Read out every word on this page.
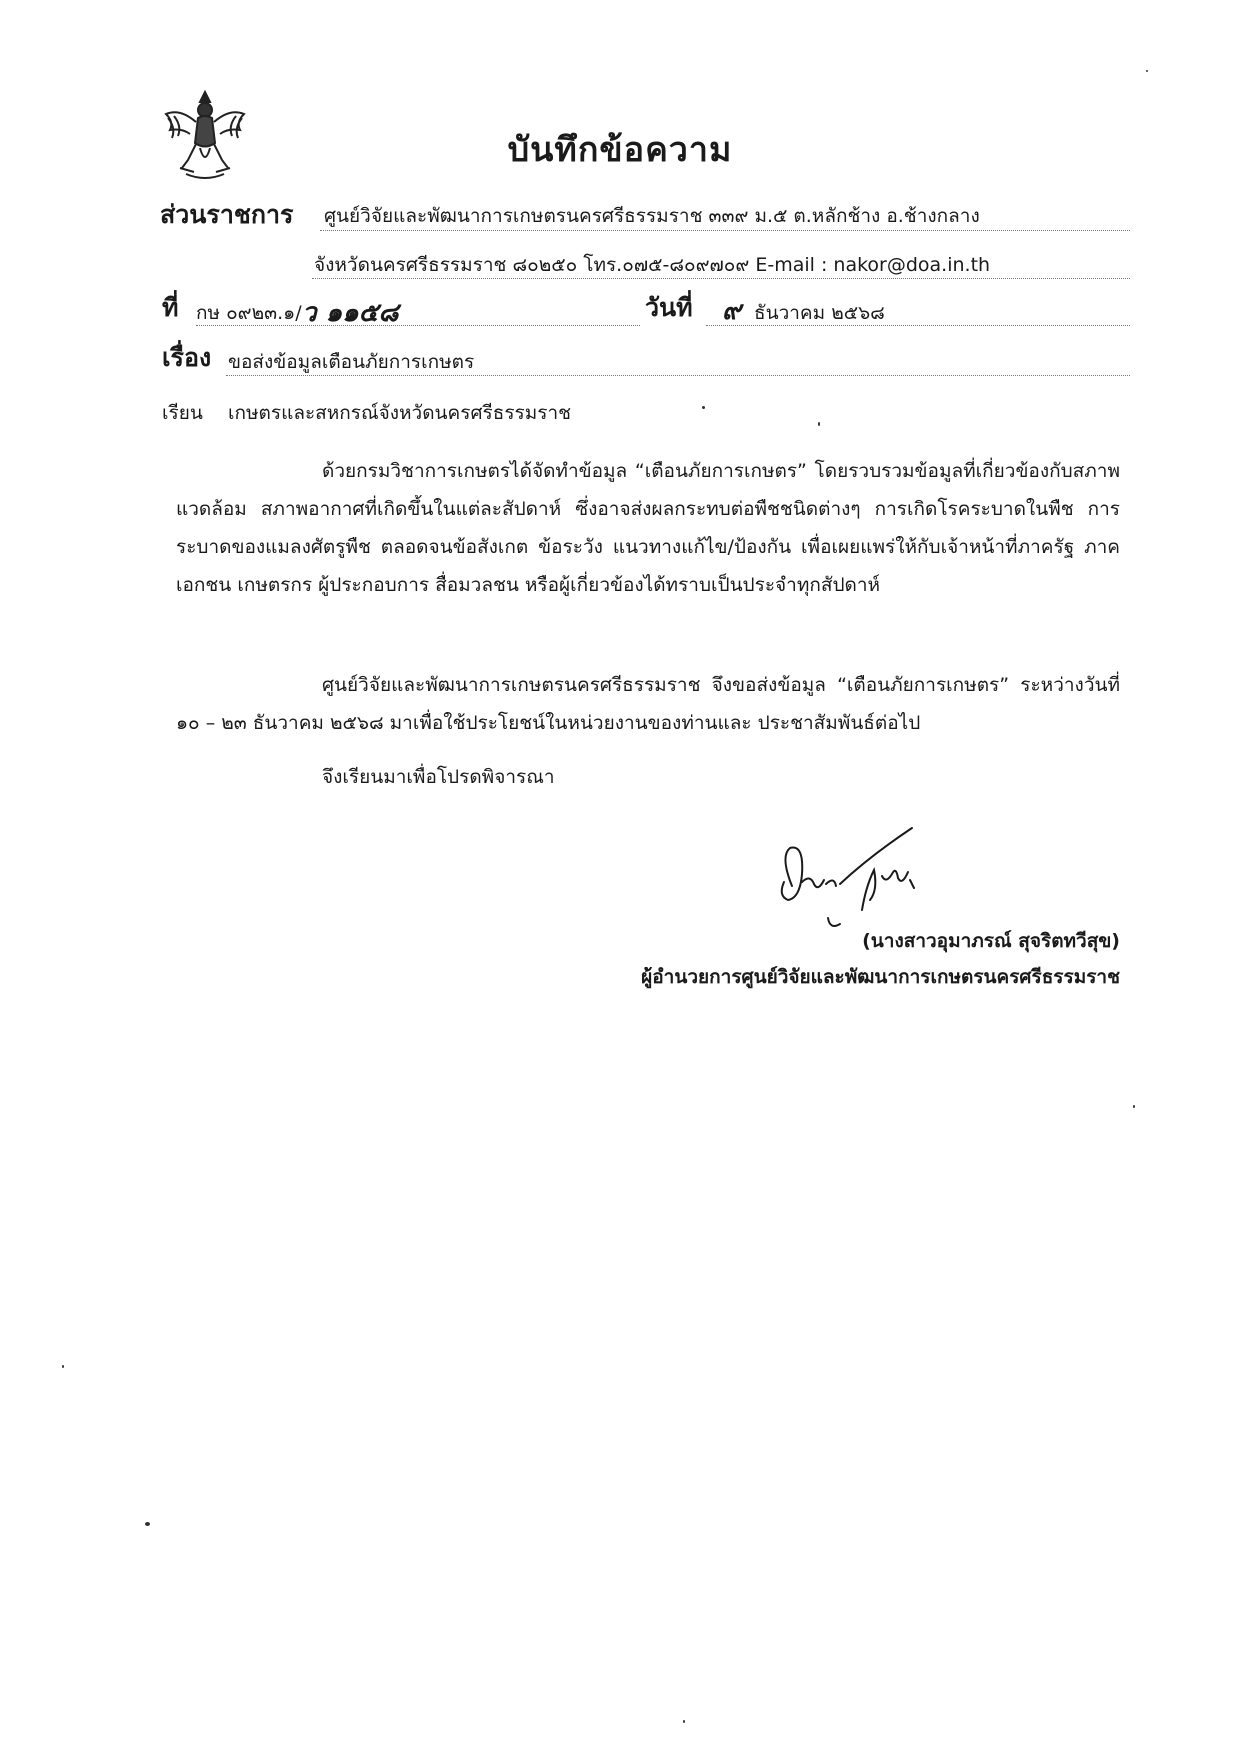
บันทึกข้อความ
ส่วนราชการ ศูนย์วิจัยและพัฒนาการเกษตรนครศรีธรรมราช ๓๓๙ ม.๕ ต.หลักช้าง อ.ช้างกลาง
จังหวัดนครศรีธรรมราช ๘๐๒๕๐ โทร.๐๗๕-๘๐๙๗๐๙ E-mail : nakor@doa.in.th
ที่ กษ ๐๙๒๓.๑/ ว ๑๑๕๘	วันที่ ๙ ธันวาคม ๒๕๖๘
เรื่อง ขอส่งข้อมูลเตือนภัยการเกษตร
เรียน เกษตรและสหกรณ์จังหวัดนครศรีธรรมราช

ด้วยกรมวิชาการเกษตรได้จัดทำข้อมูล “เตือนภัยการเกษตร” โดยรวบรวมข้อมูลที่เกี่ยวข้องกับสภาพแวดล้อม สภาพอากาศที่เกิดขึ้นในแต่ละสัปดาห์ ซึ่งอาจส่งผลกระทบต่อพืชชนิดต่างๆ การเกิดโรคระบาดในพืช การระบาดของแมลงศัตรูพืช ตลอดจนข้อสังเกต ข้อระวัง แนวทางแก้ไข/ป้องกัน เพื่อเผยแพร่ให้กับเจ้าหน้าที่ภาครัฐ ภาคเอกชน เกษตรกร ผู้ประกอบการ สื่อมวลชน หรือผู้เกี่ยวข้องได้ทราบเป็นประจำทุกสัปดาห์

ศูนย์วิจัยและพัฒนาการเกษตรนครศรีธรรมราช จึงขอส่งข้อมูล “เตือนภัยการเกษตร” ระหว่างวันที่ ๑๐ – ๒๓ ธันวาคม ๒๕๖๘ มาเพื่อใช้ประโยชน์ในหน่วยงานของท่านและ ประชาสัมพันธ์ต่อไป

จึงเรียนมาเพื่อโปรดพิจารณา
(นางสาวอุมาภรณ์ สุจริตทวีสุข)
ผู้อำนวยการศูนย์วิจัยและพัฒนาการเกษตรนครศรีธรรมราช
